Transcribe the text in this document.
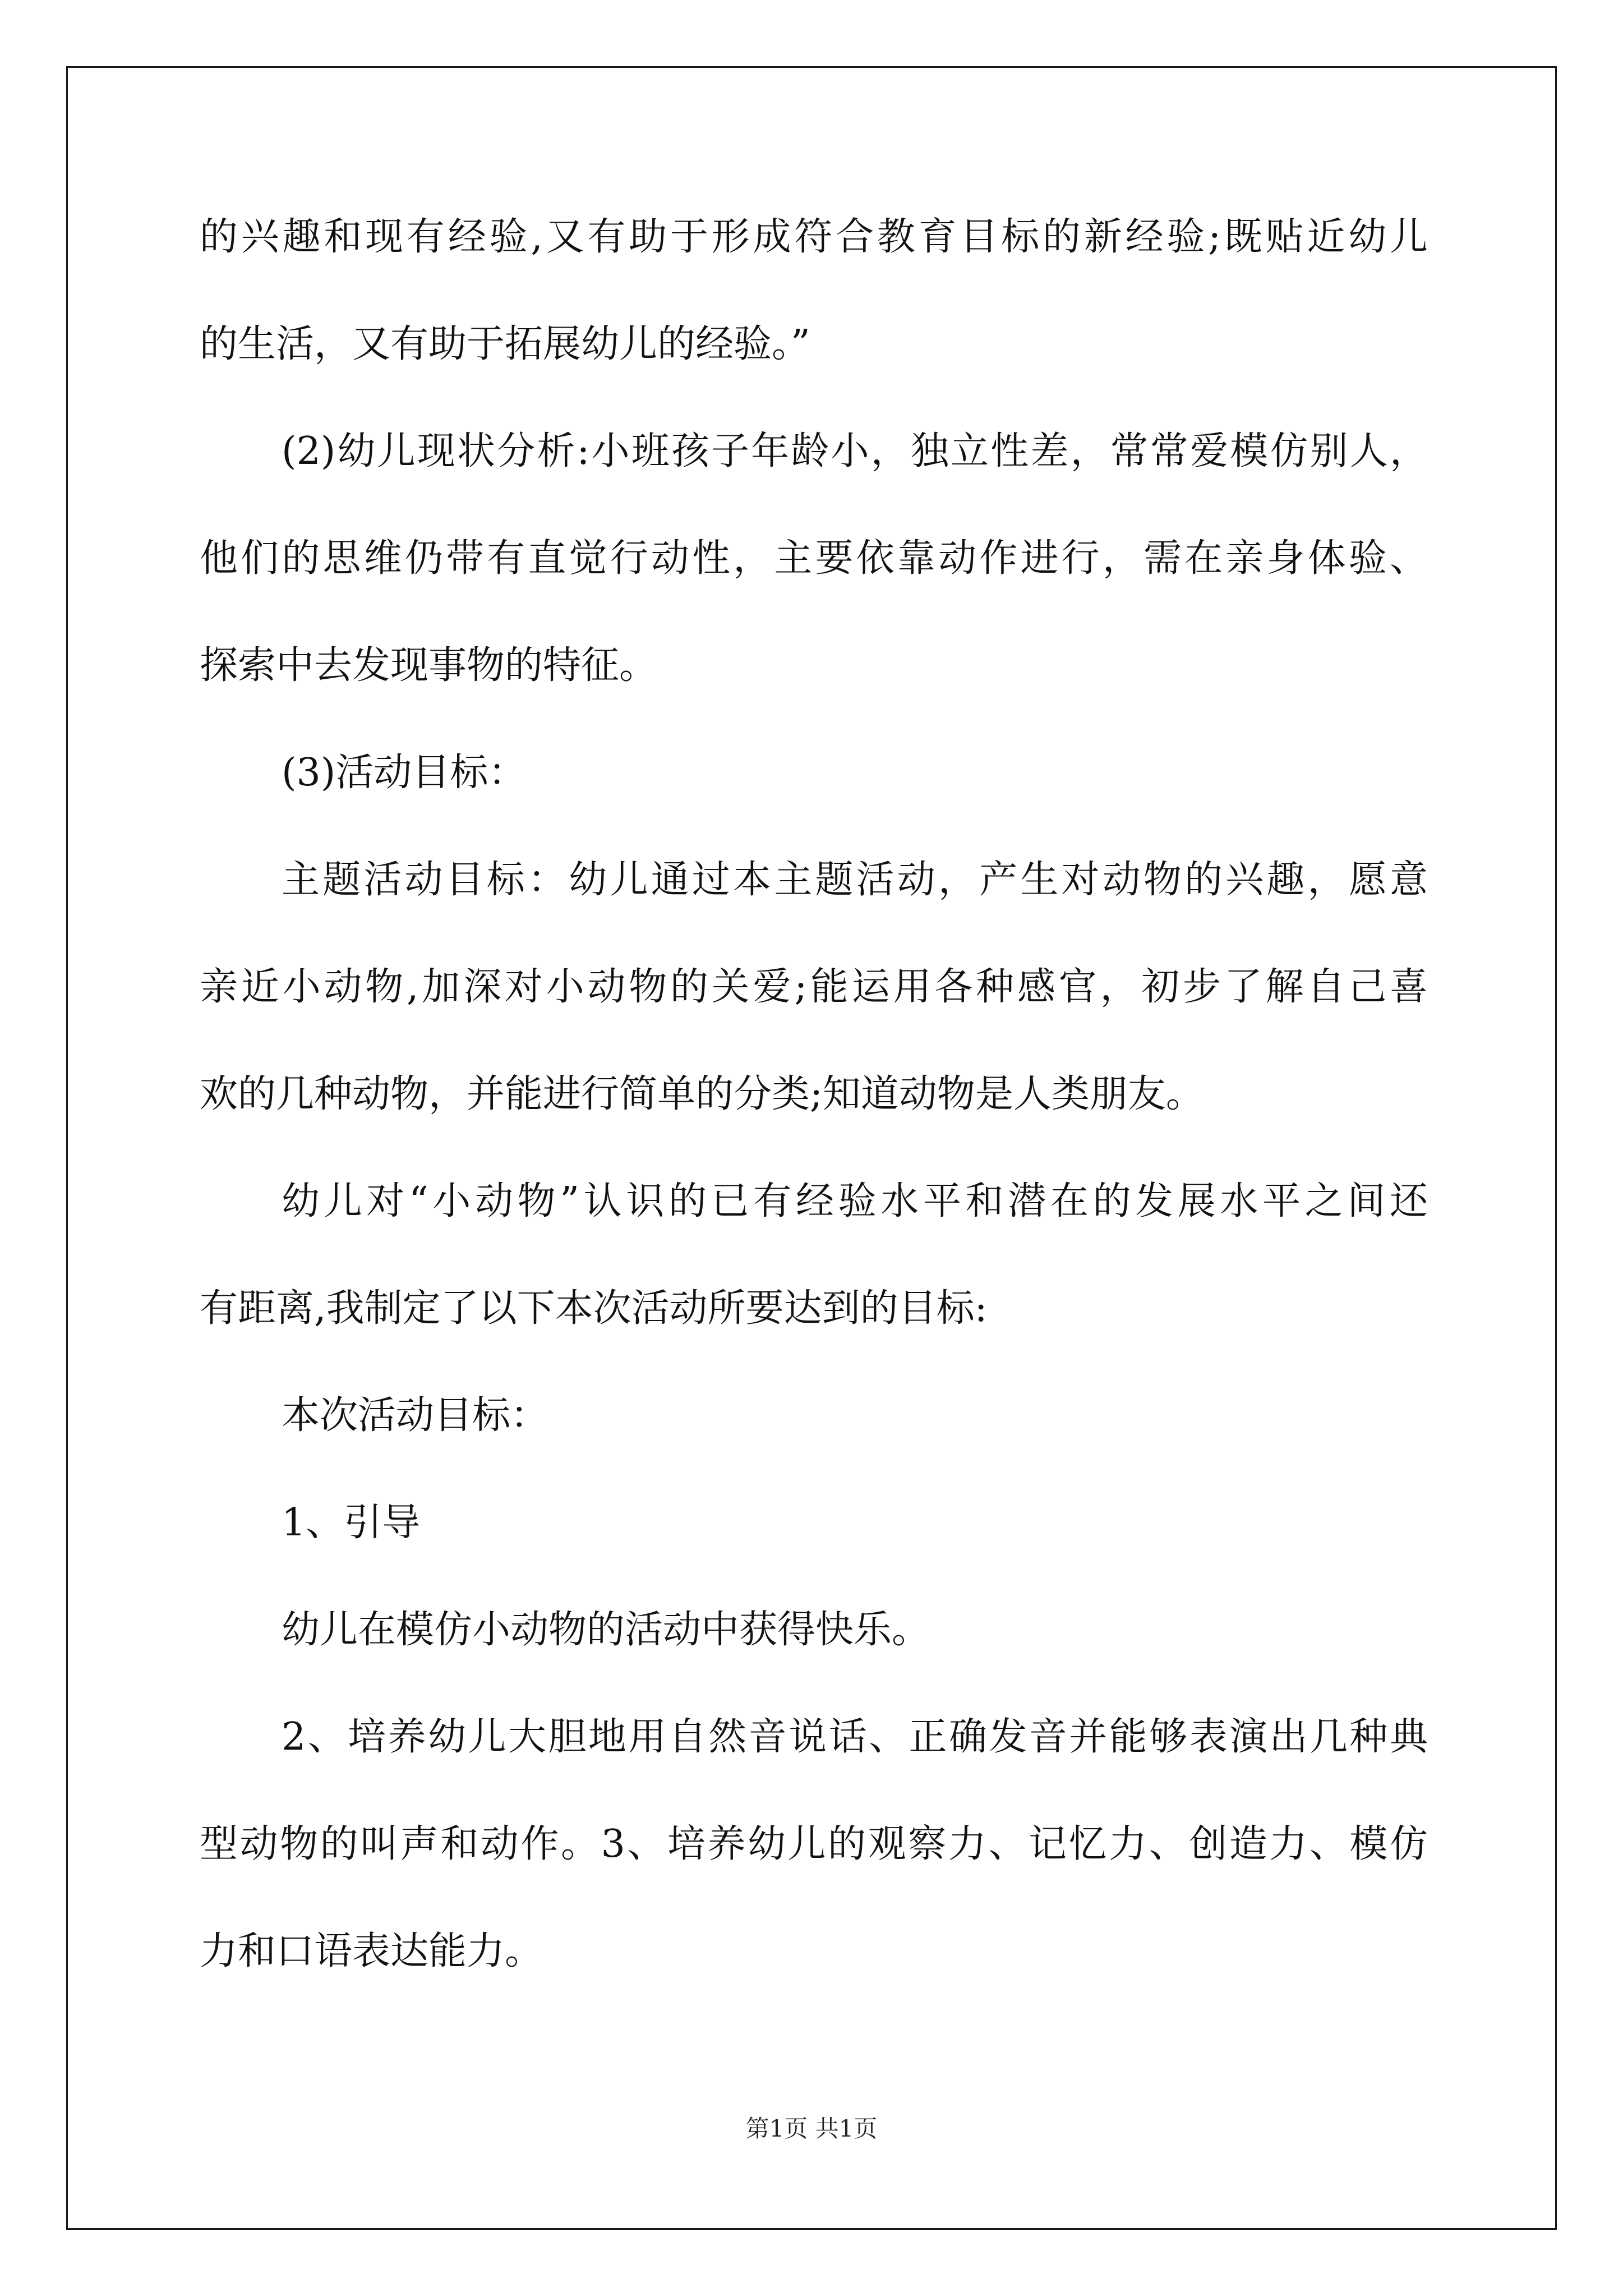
的兴趣和现有经验,又有助于形成符合教育目标的新经验;既贴近幼儿
的生活，又有助于拓展幼儿的经验。”
(2)幼儿现状分析:小班孩子年龄小，独立性差，常常爱模仿别人，
他们的思维仍带有直觉行动性，主要依靠动作进行，需在亲身体验、
探索中去发现事物的特征。
(3)活动目标：
主题活动目标：幼儿通过本主题活动，产生对动物的兴趣，愿意
亲近小动物,加深对小动物的关爱;能运用各种感官，初步了解自己喜
欢的几种动物，并能进行简单的分类;知道动物是人类朋友。
幼儿对“小动物”认识的已有经验水平和潜在的发展水平之间还
有距离,我制定了以下本次活动所要达到的目标:
本次活动目标：
1、引导
幼儿在模仿小动物的活动中获得快乐。
2、培养幼儿大胆地用自然音说话、正确发音并能够表演出几种典
型动物的叫声和动作。3、培养幼儿的观察力、记忆力、创造力、模仿
力和口语表达能力。
第1页 共1页
